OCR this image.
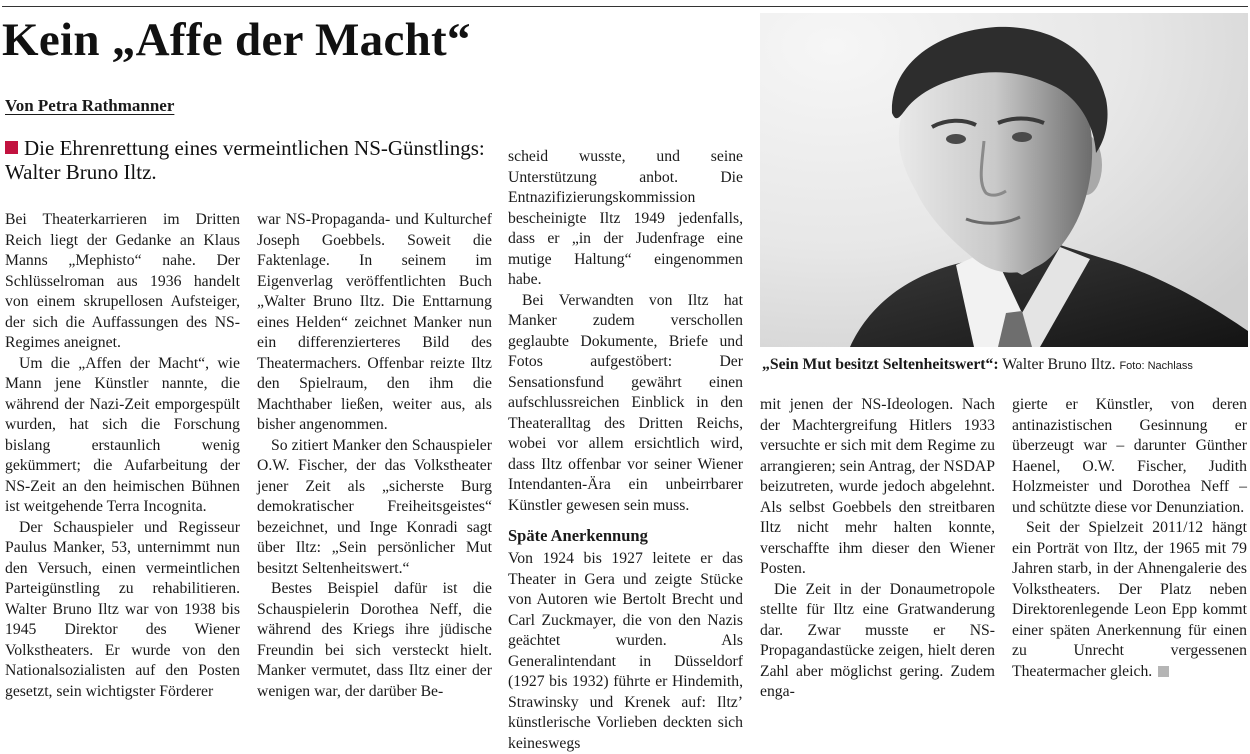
Kein „Affe der Macht“
Von Petra Rathmanner
Die Ehrenrettung eines vermeintlichen NS-Günstlings: Walter Bruno Iltz.

Bei Theaterkarrieren im Dritten Reich liegt der Gedanke an Klaus Manns „Mephisto“ nahe. Der Schlüsselroman aus 1936 handelt von einem skrupellosen Aufsteiger, der sich die Auffassungen des NS-Regimes aneignet.

Um die „Affen der Macht“, wie Mann jene Künstler nannte, die während der Nazi-Zeit emporgespült wurden, hat sich die Forschung bislang erstaunlich wenig gekümmert; die Aufarbeitung der NS-Zeit an den heimischen Bühnen ist weitgehende Terra Incognita.

Der Schauspieler und Regisseur Paulus Manker, 53, unternimmt nun den Versuch, einen vermeintlichen Parteigünstling zu rehabilitieren. Walter Bruno Iltz war von 1938 bis 1945 Direktor des Wiener Volkstheaters. Er wurde von den Nationalsozialisten auf den Posten gesetzt, sein wichtigster Förderer

war NS-Propaganda- und Kulturchef Joseph Goebbels. Soweit die Faktenlage. In seinem im Eigenverlag veröffentlichten Buch „Walter Bruno Iltz. Die Enttarnung eines Helden“ zeichnet Manker nun ein differenzierteres Bild des Theatermachers. Offenbar reizte Iltz den Spielraum, den ihm die Machthaber ließen, weiter aus, als bisher angenommen.

So zitiert Manker den Schauspieler O.W. Fischer, der das Volkstheater jener Zeit als „sicherste Burg demokratischer Freiheitsgeistes“ bezeichnet, und Inge Konradi sagt über Iltz: „Sein persönlicher Mut besitzt Seltenheitswert.“

Bestes Beispiel dafür ist die Schauspielerin Dorothea Neff, die während des Kriegs ihre jüdische Freundin bei sich versteckt hielt. Manker vermutet, dass Iltz einer der wenigen war, der darüber Be-

scheid wusste, und seine Unterstützung anbot. Die Entnazifizierungskommission bescheinigte Iltz 1949 jedenfalls, dass er „in der Judenfrage eine mutige Haltung“ eingenommen habe.

Bei Verwandten von Iltz hat Manker zudem verschollen geglaubte Dokumente, Briefe und Fotos aufgestöbert: Der Sensationsfund gewährt einen aufschlussreichen Einblick in den Theateralltag des Dritten Reichs, wobei vor allem ersichtlich wird, dass Iltz offenbar vor seiner Wiener Intendanten-Ära ein unbeirrbarer Künstler gewesen sein muss.

Späte Anerkennung

Von 1924 bis 1927 leitete er das Theater in Gera und zeigte Stücke von Autoren wie Bertolt Brecht und Carl Zuckmayer, die von den Nazis geächtet wurden. Als Generalintendant in Düsseldorf (1927 bis 1932) führte er Hindemith, Strawinsky und Krenek auf: Iltz’ künstlerische Vorlieben deckten sich keineswegs

„Sein Mut besitzt Seltenheitswert“: Walter Bruno Iltz. Foto: Nachlass

mit jenen der NS-Ideologen. Nach der Machtergreifung Hitlers 1933 versuchte er sich mit dem Regime zu arrangieren; sein Antrag, der NSDAP beizutreten, wurde jedoch abgelehnt. Als selbst Goebbels den streitbaren Iltz nicht mehr halten konnte, verschaffte ihm dieser den Wiener Posten.

Die Zeit in der Donaumetropole stellte für Iltz eine Gratwanderung dar. Zwar musste er NS-Propagandastücke zeigen, hielt deren Zahl aber möglichst gering. Zudem enga-

gierte er Künstler, von deren antinazistischen Gesinnung er überzeugt war – darunter Günther Haenel, O.W. Fischer, Judith Holzmeister und Dorothea Neff – und schützte diese vor Denunziation.

Seit der Spielzeit 2011/12 hängt ein Porträt von Iltz, der 1965 mit 79 Jahren starb, in der Ahnengalerie des Volkstheaters. Der Platz neben Direktorenlegende Leon Epp kommt einer späten Anerkennung für einen zu Unrecht vergessenen Theatermacher gleich.
